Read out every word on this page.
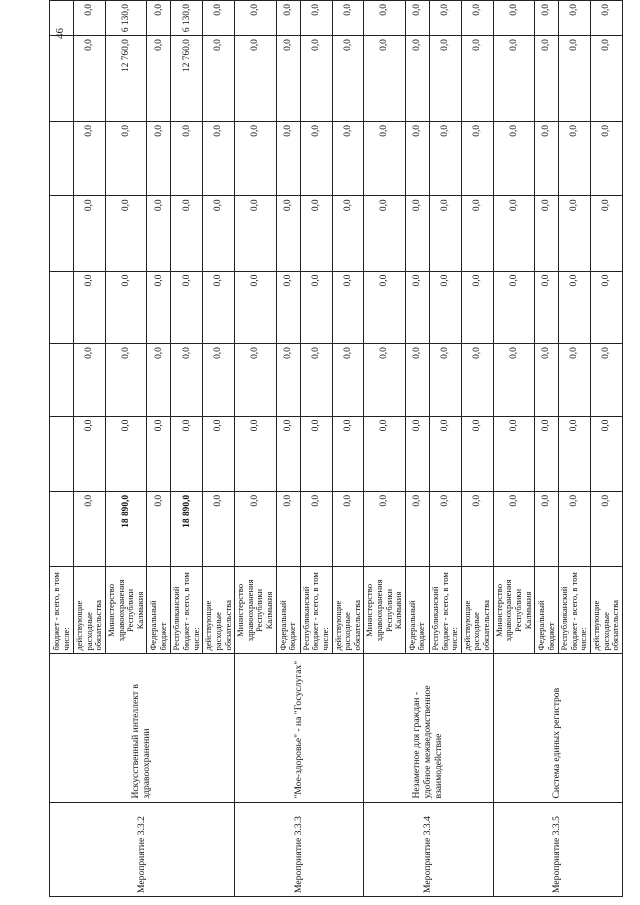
Мероприятие 3.3.2	Искусственный интеллект в здравоохранении	бюджет - всего, в том числе:								
		действующие расходные обязательства	0,0	0,0	0,0	0,0	0,0	0,0	0,0	0,0
		Министерство здравоохранения Республики Калмыкия	18 890,0	0,0	0,0	0,0	0,0	0,0	12 760,0	6 130,0
		Федеральный бюджет	0,0	0,0	0,0	0,0	0,0	0,0	0,0	0,0
		Республиканский бюджет - всего, в том числе:	18 890,0	0,0	0,0	0,0	0,0	0,0	12 760,0	6 130,0
		действующие расходные обязательства	0,0	0,0	0,0	0,0	0,0	0,0	0,0	0,0
Мероприятие 3.3.3	"Мое-здоровье" - на "Госуслугах"	Министерство здравоохранения Республики Калмыкия	0,0	0,0	0,0	0,0	0,0	0,0	0,0	0,0
		Федеральный бюджет	0,0	0,0	0,0	0,0	0,0	0,0	0,0	0,0
		Республиканский бюджет - всего, в том числе:	0,0	0,0	0,0	0,0	0,0	0,0	0,0	0,0
		действующие расходные обязательства	0,0	0,0	0,0	0,0	0,0	0,0	0,0	0,0
Мероприятие 3.3.4	Незаметное для граждан - удобное межведомственное взаимодействие	Министерство здравоохранения Республики Калмыкия	0,0	0,0	0,0	0,0	0,0	0,0	0,0	0,0
		Федеральный бюджет	0,0	0,0	0,0	0,0	0,0	0,0	0,0	0,0
		Республиканский бюджет - всего, в том числе:	0,0	0,0	0,0	0,0	0,0	0,0	0,0	0,0
		действующие расходные обязательства	0,0	0,0	0,0	0,0	0,0	0,0	0,0	0,0
Мероприятие 3.3.5	Система единых регистров	Министерство здравоохранения Республики Калмыкия	0,0	0,0	0,0	0,0	0,0	0,0	0,0	0,0
		Федеральный бюджет	0,0	0,0	0,0	0,0	0,0	0,0	0,0	0,0
		Республиканский бюджет - всего, в том числе:	0,0	0,0	0,0	0,0	0,0	0,0	0,0	0,0
		действующие расходные обязательства	0,0	0,0	0,0	0,0	0,0	0,0	0,0	0,0
46
